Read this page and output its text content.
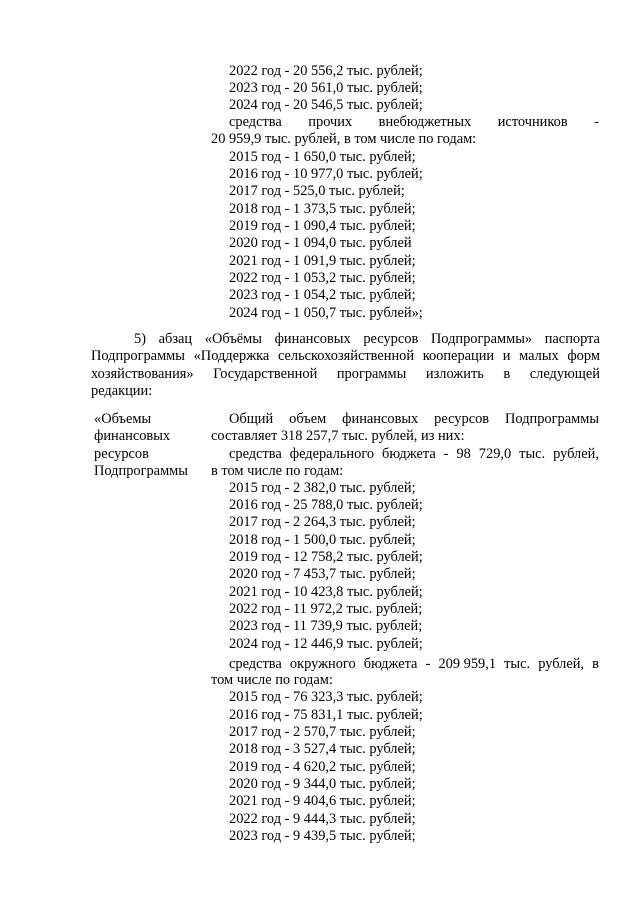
2022 год - 20 556,2 тыс. рублей;
2023 год - 20 561,0 тыс. рублей;
2024 год - 20 546,5 тыс. рублей;
средства прочих внебюджетных источников -
20 959,9 тыс. рублей, в том числе по годам:
2015 год - 1 650,0 тыс. рублей;
2016 год - 10 977,0 тыс. рублей;
2017 год - 525,0 тыс. рублей;
2018 год - 1 373,5 тыс. рублей;
2019 год - 1 090,4 тыс. рублей;
2020 год - 1 094,0 тыс. рублей
2021 год - 1 091,9 тыс. рублей;
2022 год - 1 053,2 тыс. рублей;
2023 год - 1 054,2 тыс. рублей;
2024 год - 1 050,7 тыс. рублей»;
5) абзац «Объёмы финансовых ресурсов Подпрограммы» паспорта
Подпрограммы «Поддержка сельскохозяйственной кооперации и малых форм
хозяйствования» Государственной программы изложить в следующей
редакции:
«Объемы
финансовых
ресурсов
Подпрограммы
Общий объем финансовых ресурсов Подпрограммы
составляет 318 257,7 тыс. рублей, из них:
средства федерального бюджета - 98 729,0 тыс. рублей,
в том числе по годам:
2015 год - 2 382,0 тыс. рублей;
2016 год - 25 788,0 тыс. рублей;
2017 год - 2 264,3 тыс. рублей;
2018 год - 1 500,0 тыс. рублей;
2019 год - 12 758,2 тыс. рублей;
2020 год - 7 453,7 тыс. рублей;
2021 год - 10 423,8 тыс. рублей;
2022 год - 11 972,2 тыс. рублей;
2023 год - 11 739,9 тыс. рублей;
2024 год - 12 446,9 тыс. рублей;
средства окружного бюджета - 209 959,1 тыс. рублей, в
том числе по годам:
2015 год - 76 323,3 тыс. рублей;
2016 год - 75 831,1 тыс. рублей;
2017 год - 2 570,7 тыс. рублей;
2018 год - 3 527,4 тыс. рублей;
2019 год - 4 620,2 тыс. рублей;
2020 год - 9 344,0 тыс. рублей;
2021 год - 9 404,6 тыс. рублей;
2022 год - 9 444,3 тыс. рублей;
2023 год - 9 439,5 тыс. рублей;
